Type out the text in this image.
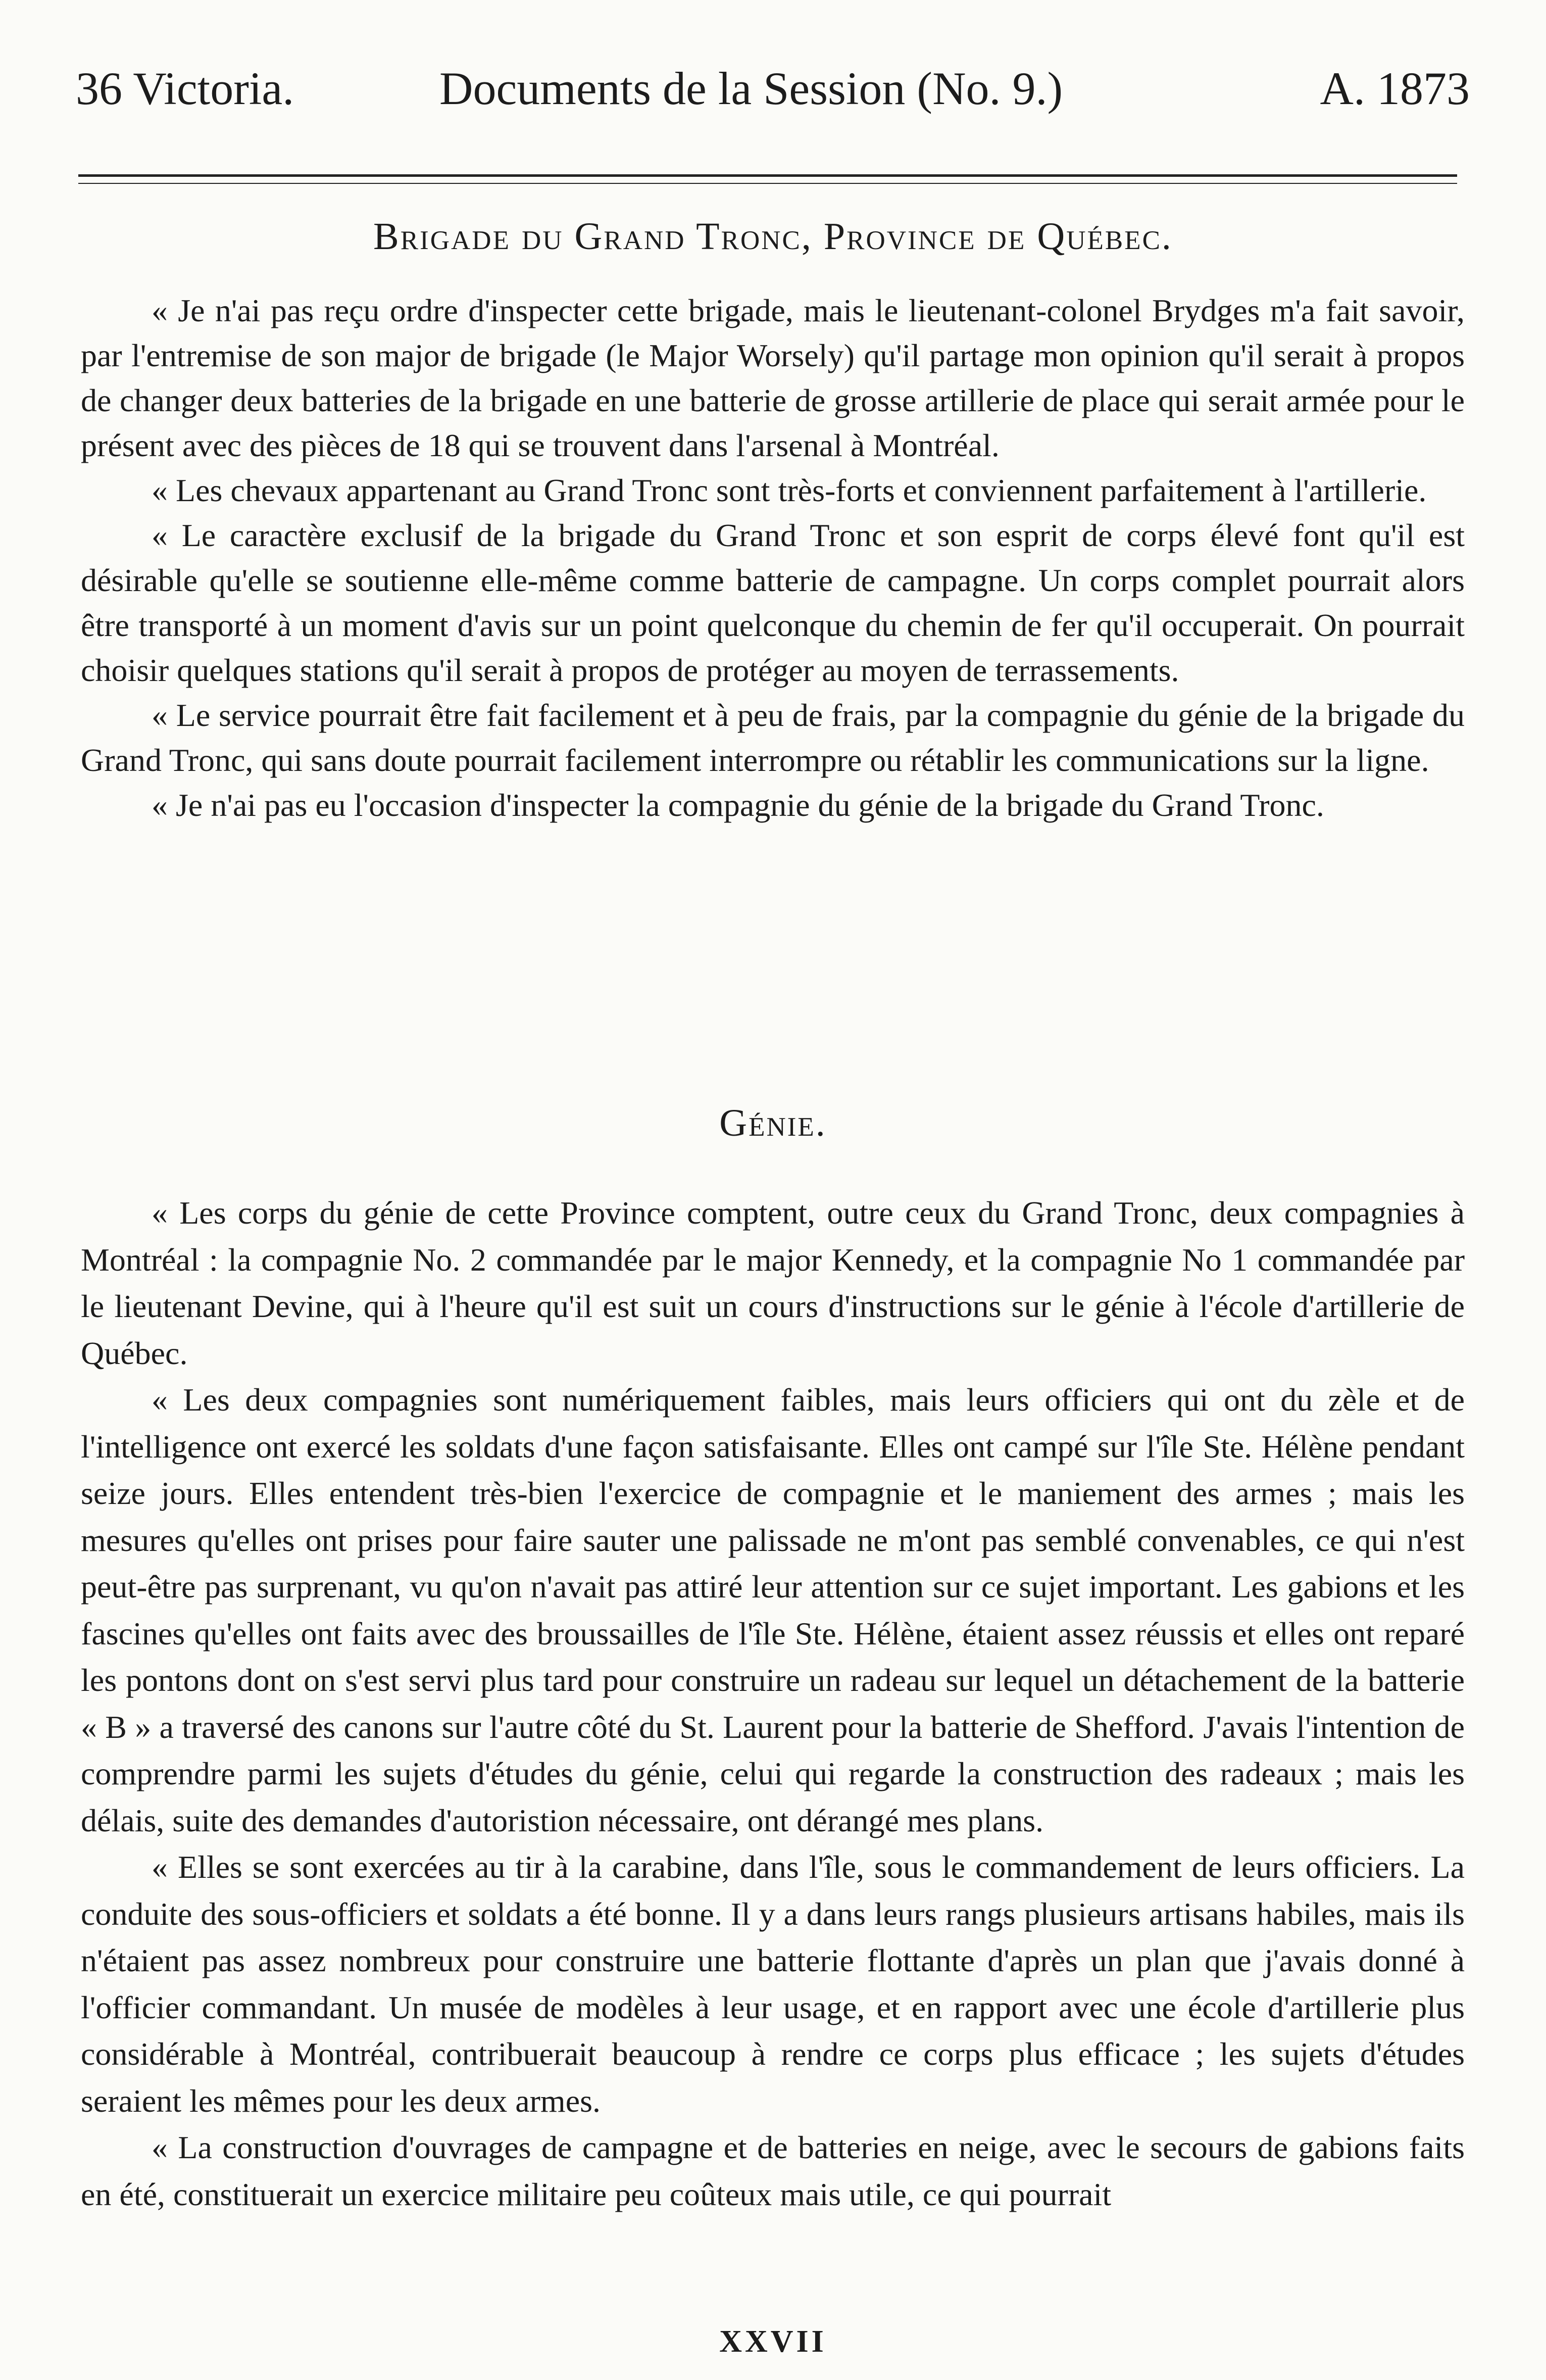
36 Victoria.	Documents de la Session (No. 9.)	A. 1873
Brigade du Grand Tronc, Province de Québec.

« Je n'ai pas reçu ordre d'inspecter cette brigade, mais le lieutenant-colonel Brydges m'a fait savoir, par l'entremise de son major de brigade (le Major Worsely) qu'il partage mon opinion qu'il serait à propos de changer deux batteries de la brigade en une batterie de grosse artillerie de place qui serait armée pour le présent avec des pièces de 18 qui se trouvent dans l'arsenal à Montréal.

« Les chevaux appartenant au Grand Tronc sont très-forts et conviennent parfaitement à l'artillerie.

« Le caractère exclusif de la brigade du Grand Tronc et son esprit de corps élevé font qu'il est désirable qu'elle se soutienne elle-même comme batterie de campagne. Un corps complet pourrait alors être transporté à un moment d'avis sur un point quelconque du chemin de fer qu'il occuperait. On pourrait choisir quelques stations qu'il serait à propos de protéger au moyen de terrassements.

« Le service pourrait être fait facilement et à peu de frais, par la compagnie du génie de la brigade du Grand Tronc, qui sans doute pourrait facilement interrompre ou rétablir les communications sur la ligne.

« Je n'ai pas eu l'occasion d'inspecter la compagnie du génie de la brigade du Grand Tronc.

Génie.

« Les corps du génie de cette Province comptent, outre ceux du Grand Tronc, deux compagnies à Montréal : la compagnie No. 2 commandée par le major Kennedy, et la compagnie No 1 commandée par le lieutenant Devine, qui à l'heure qu'il est suit un cours d'instructions sur le génie à l'école d'artillerie de Québec.

« Les deux compagnies sont numériquement faibles, mais leurs officiers qui ont du zèle et de l'intelligence ont exercé les soldats d'une façon satisfaisante. Elles ont campé sur l'île Ste. Hélène pendant seize jours. Elles entendent très-bien l'exercice de compagnie et le maniement des armes ; mais les mesures qu'elles ont prises pour faire sauter une palissade ne m'ont pas semblé convenables, ce qui n'est peut-être pas surprenant, vu qu'on n'avait pas attiré leur attention sur ce sujet important. Les gabions et les fascines qu'elles ont faits avec des broussailles de l'île Ste. Hélène, étaient assez réussis et elles ont reparé les pontons dont on s'est servi plus tard pour construire un radeau sur lequel un détachement de la batterie « B » a traversé des canons sur l'autre côté du St. Laurent pour la batterie de Shefford. J'avais l'intention de comprendre parmi les sujets d'études du génie, celui qui regarde la construction des radeaux ; mais les délais, suite des demandes d'autoristion nécessaire, ont dérangé mes plans.

« Elles se sont exercées au tir à la carabine, dans l'île, sous le commandement de leurs officiers. La conduite des sous-officiers et soldats a été bonne. Il y a dans leurs rangs plusieurs artisans habiles, mais ils n'étaient pas assez nombreux pour construire une batterie flottante d'après un plan que j'avais donné à l'officier commandant. Un musée de modèles à leur usage, et en rapport avec une école d'artillerie plus considérable à Montréal, contribuerait beaucoup à rendre ce corps plus efficace ; les sujets d'études seraient les mêmes pour les deux armes.

« La construction d'ouvrages de campagne et de batteries en neige, avec le secours de gabions faits en été, constituerait un exercice militaire peu coûteux mais utile, ce qui pourrait

XXVII
